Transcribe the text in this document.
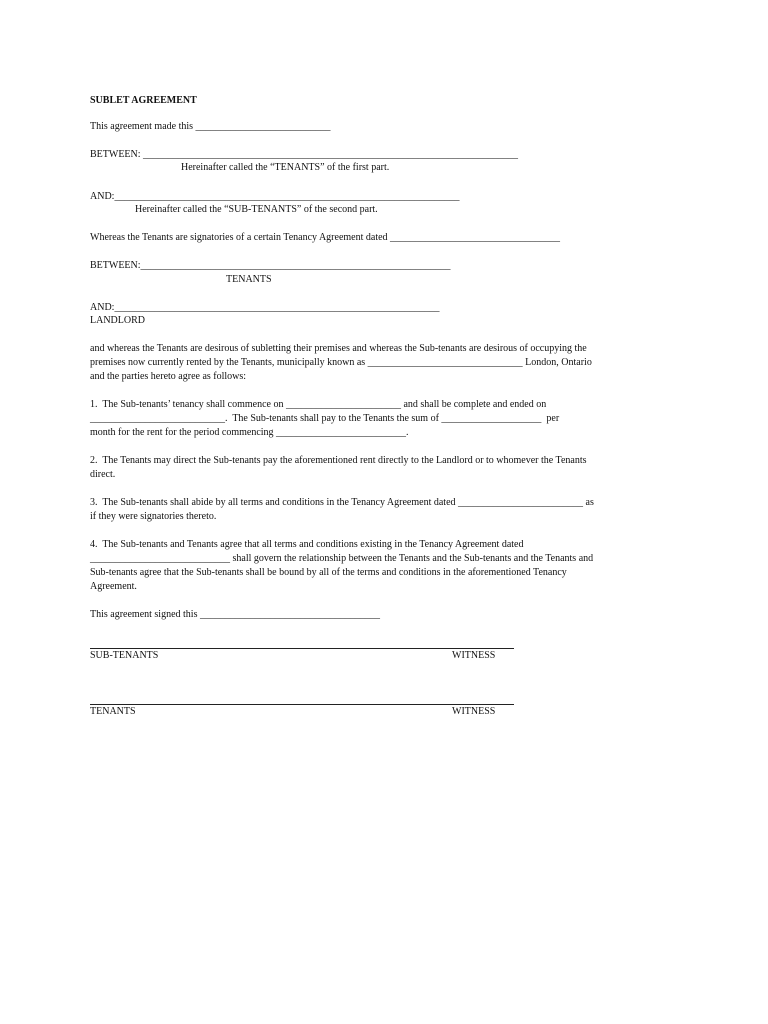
SUBLET AGREEMENT
This agreement made this ___________________________
BETWEEN: ___________________________________________________________________________
Hereinafter called the “TENANTS” of the first part.
AND:_____________________________________________________________________
Hereinafter called the “SUB-TENANTS” of the second part.
Whereas the Tenants are signatories of a certain Tenancy Agreement dated __________________________________
BETWEEN:______________________________________________________________
TENANTS
AND:_________________________________________________________________
LANDLORD
and whereas the Tenants are desirous of subletting their premises and whereas the Sub-tenants are desirous of occupying the
premises now currently rented by the Tenants, municipally known as _______________________________ London, Ontario
and the parties hereto agree as follows:
1.  The Sub-tenants’ tenancy shall commence on _______________________ and shall be complete and ended on
___________________________.  The Sub-tenants shall pay to the Tenants the sum of ____________________  per
month for the rent for the period commencing __________________________.
2.  The Tenants may direct the Sub-tenants pay the aforementioned rent directly to the Landlord or to whomever the Tenants
direct.
3.  The Sub-tenants shall abide by all terms and conditions in the Tenancy Agreement dated _________________________ as
if they were signatories thereto.
4.  The Sub-tenants and Tenants agree that all terms and conditions existing in the Tenancy Agreement dated
____________________________ shall govern the relationship between the Tenants and the Sub-tenants and the Tenants and
Sub-tenants agree that the Sub-tenants shall be bound by all of the terms and conditions in the aforementioned Tenancy
Agreement.
This agreement signed this ____________________________________
SUB-TENANTS	WITNESS
TENANTS	WITNESS
